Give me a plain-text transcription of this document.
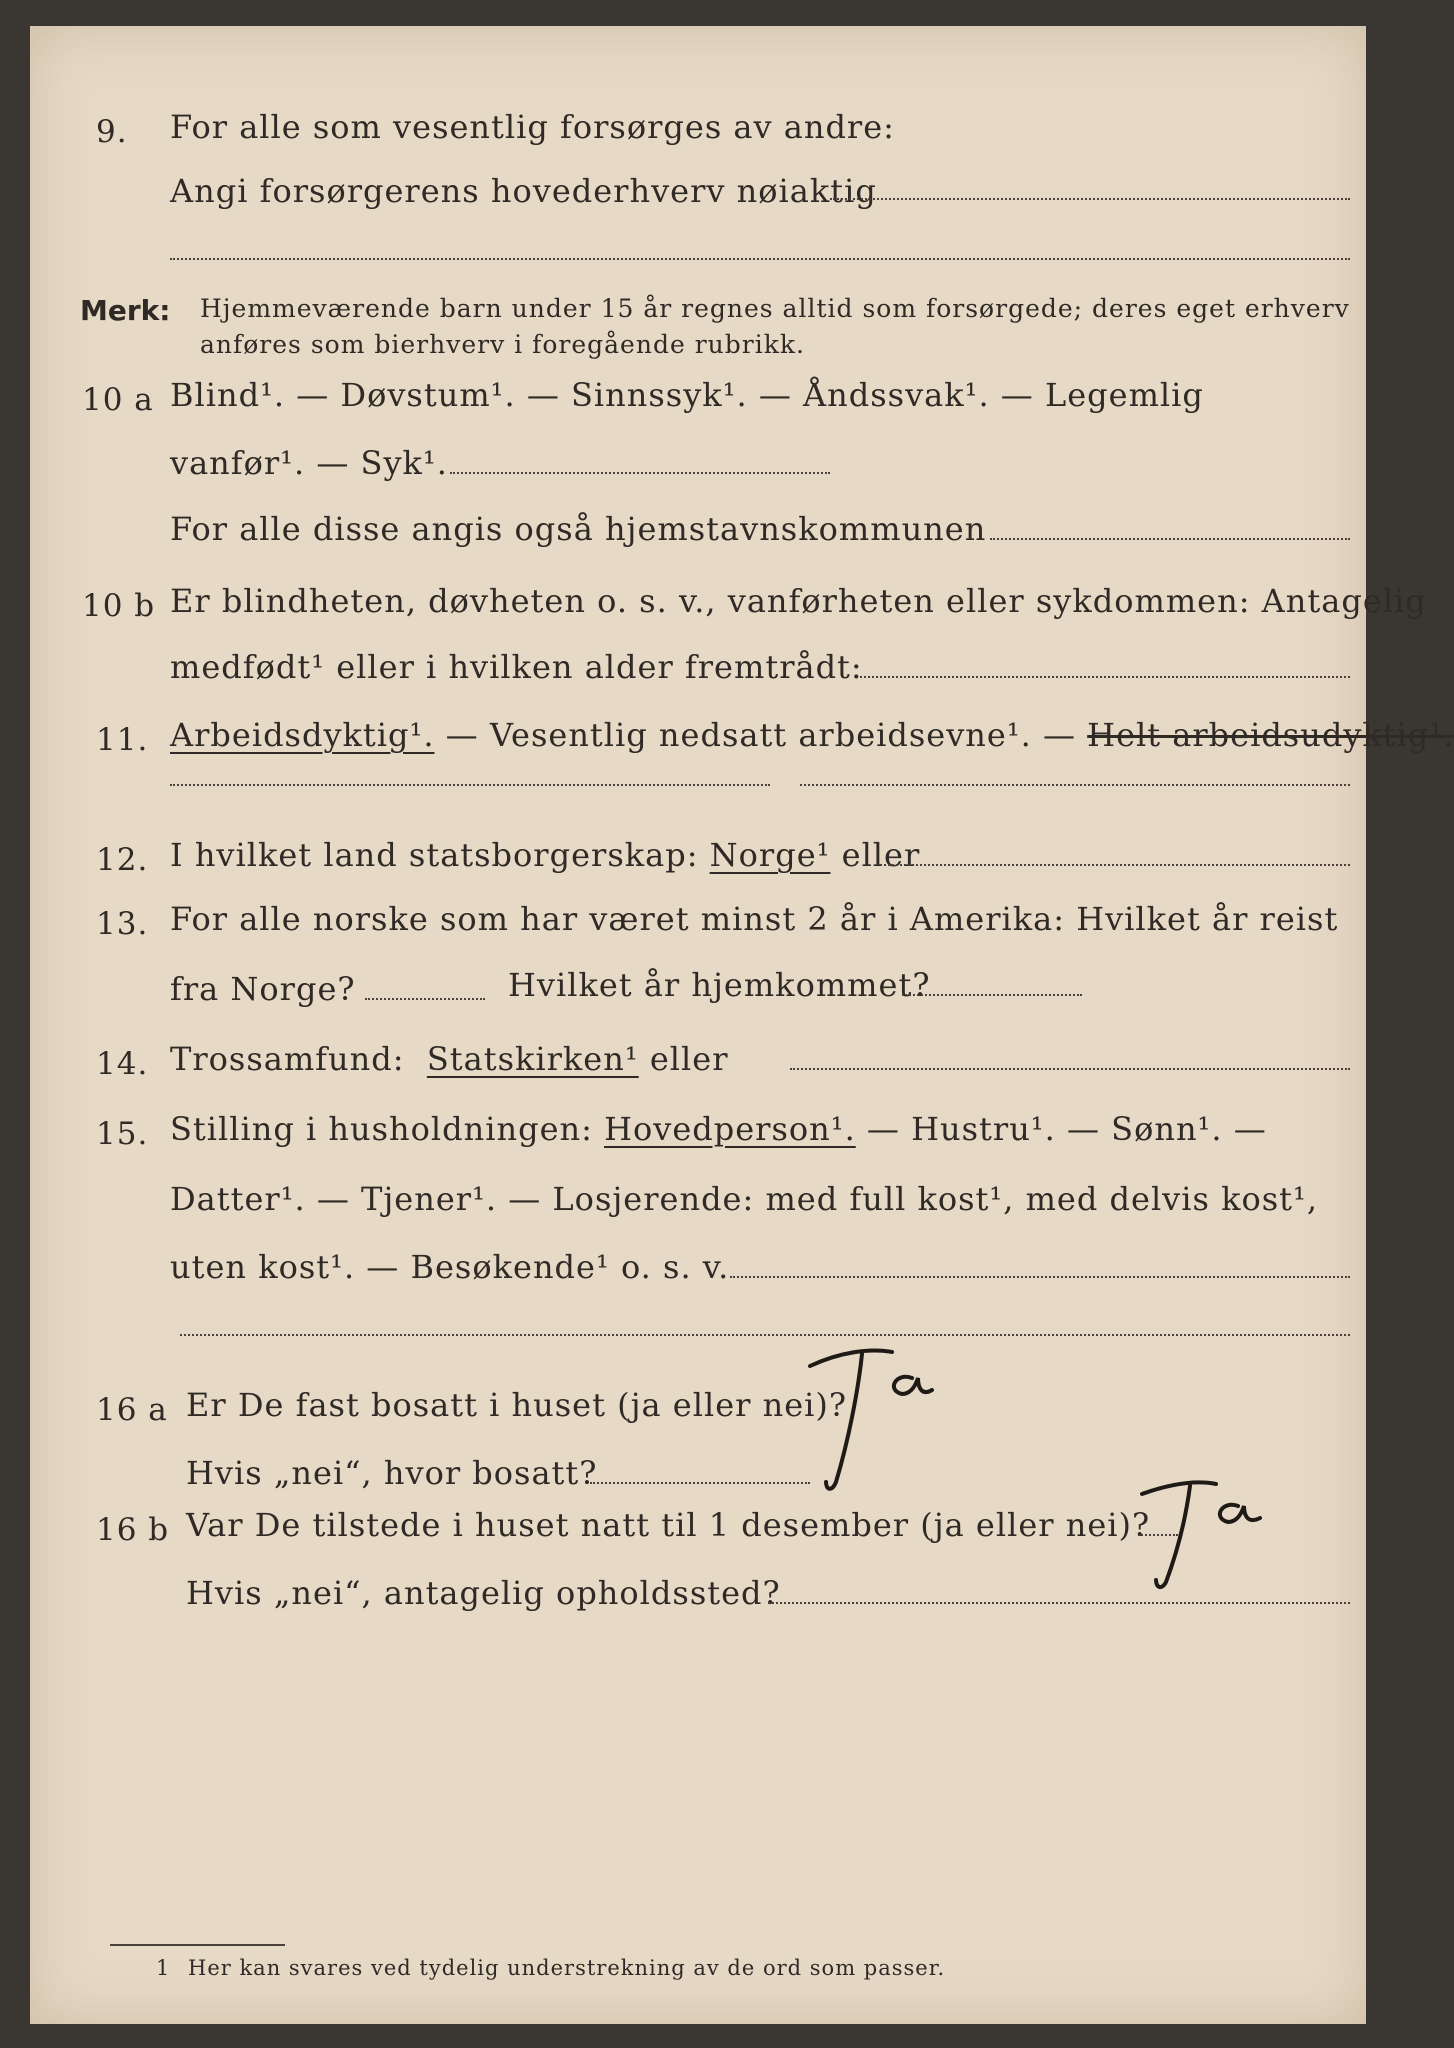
9. For alle som vesentlig forsørges av andre:
Angi forsørgerens hovederhverv nøiaktig
Merk: Hjemmeværende barn under 15 år regnes alltid som forsørgede; deres eget erhverv
anføres som bierhverv i foregående rubrikk.
10 a Blind¹. — Døvstum¹. — Sinnssyk¹. — Åndssvak¹. — Legemlig
vanfør¹. — Syk¹.
For alle disse angis også hjemstavnskommunen
10 b Er blindheten, døvheten o. s. v., vanførheten eller sykdommen: Antagelig
medfødt¹ eller i hvilken alder fremtrådt:
11. Arbeidsdyktig¹. — Vesentlig nedsatt arbeidsevne¹. — Helt arbeidsudyktig¹.
12. I hvilket land statsborgerskap: Norge¹ eller
13. For alle norske som har været minst 2 år i Amerika: Hvilket år reist
fra Norge?	Hvilket år hjemkommet?
14. Trossamfund: Statskirken¹ eller
15. Stilling i husholdningen: Hovedperson¹. — Hustru¹. — Sønn¹. —
Datter¹. — Tjener¹. — Losjerende: med full kost¹, med delvis kost¹,
uten kost¹. — Besøkende¹ o. s. v.
16 a Er De fast bosatt i huset (ja eller nei)?
Hvis „nei“, hvor bosatt?
Ja
16 b Var De tilstede i huset natt til 1 desember (ja eller nei)?
Hvis „nei“, antagelig opholdssted?
Ja
1 Her kan svares ved tydelig understrekning av de ord som passer.
